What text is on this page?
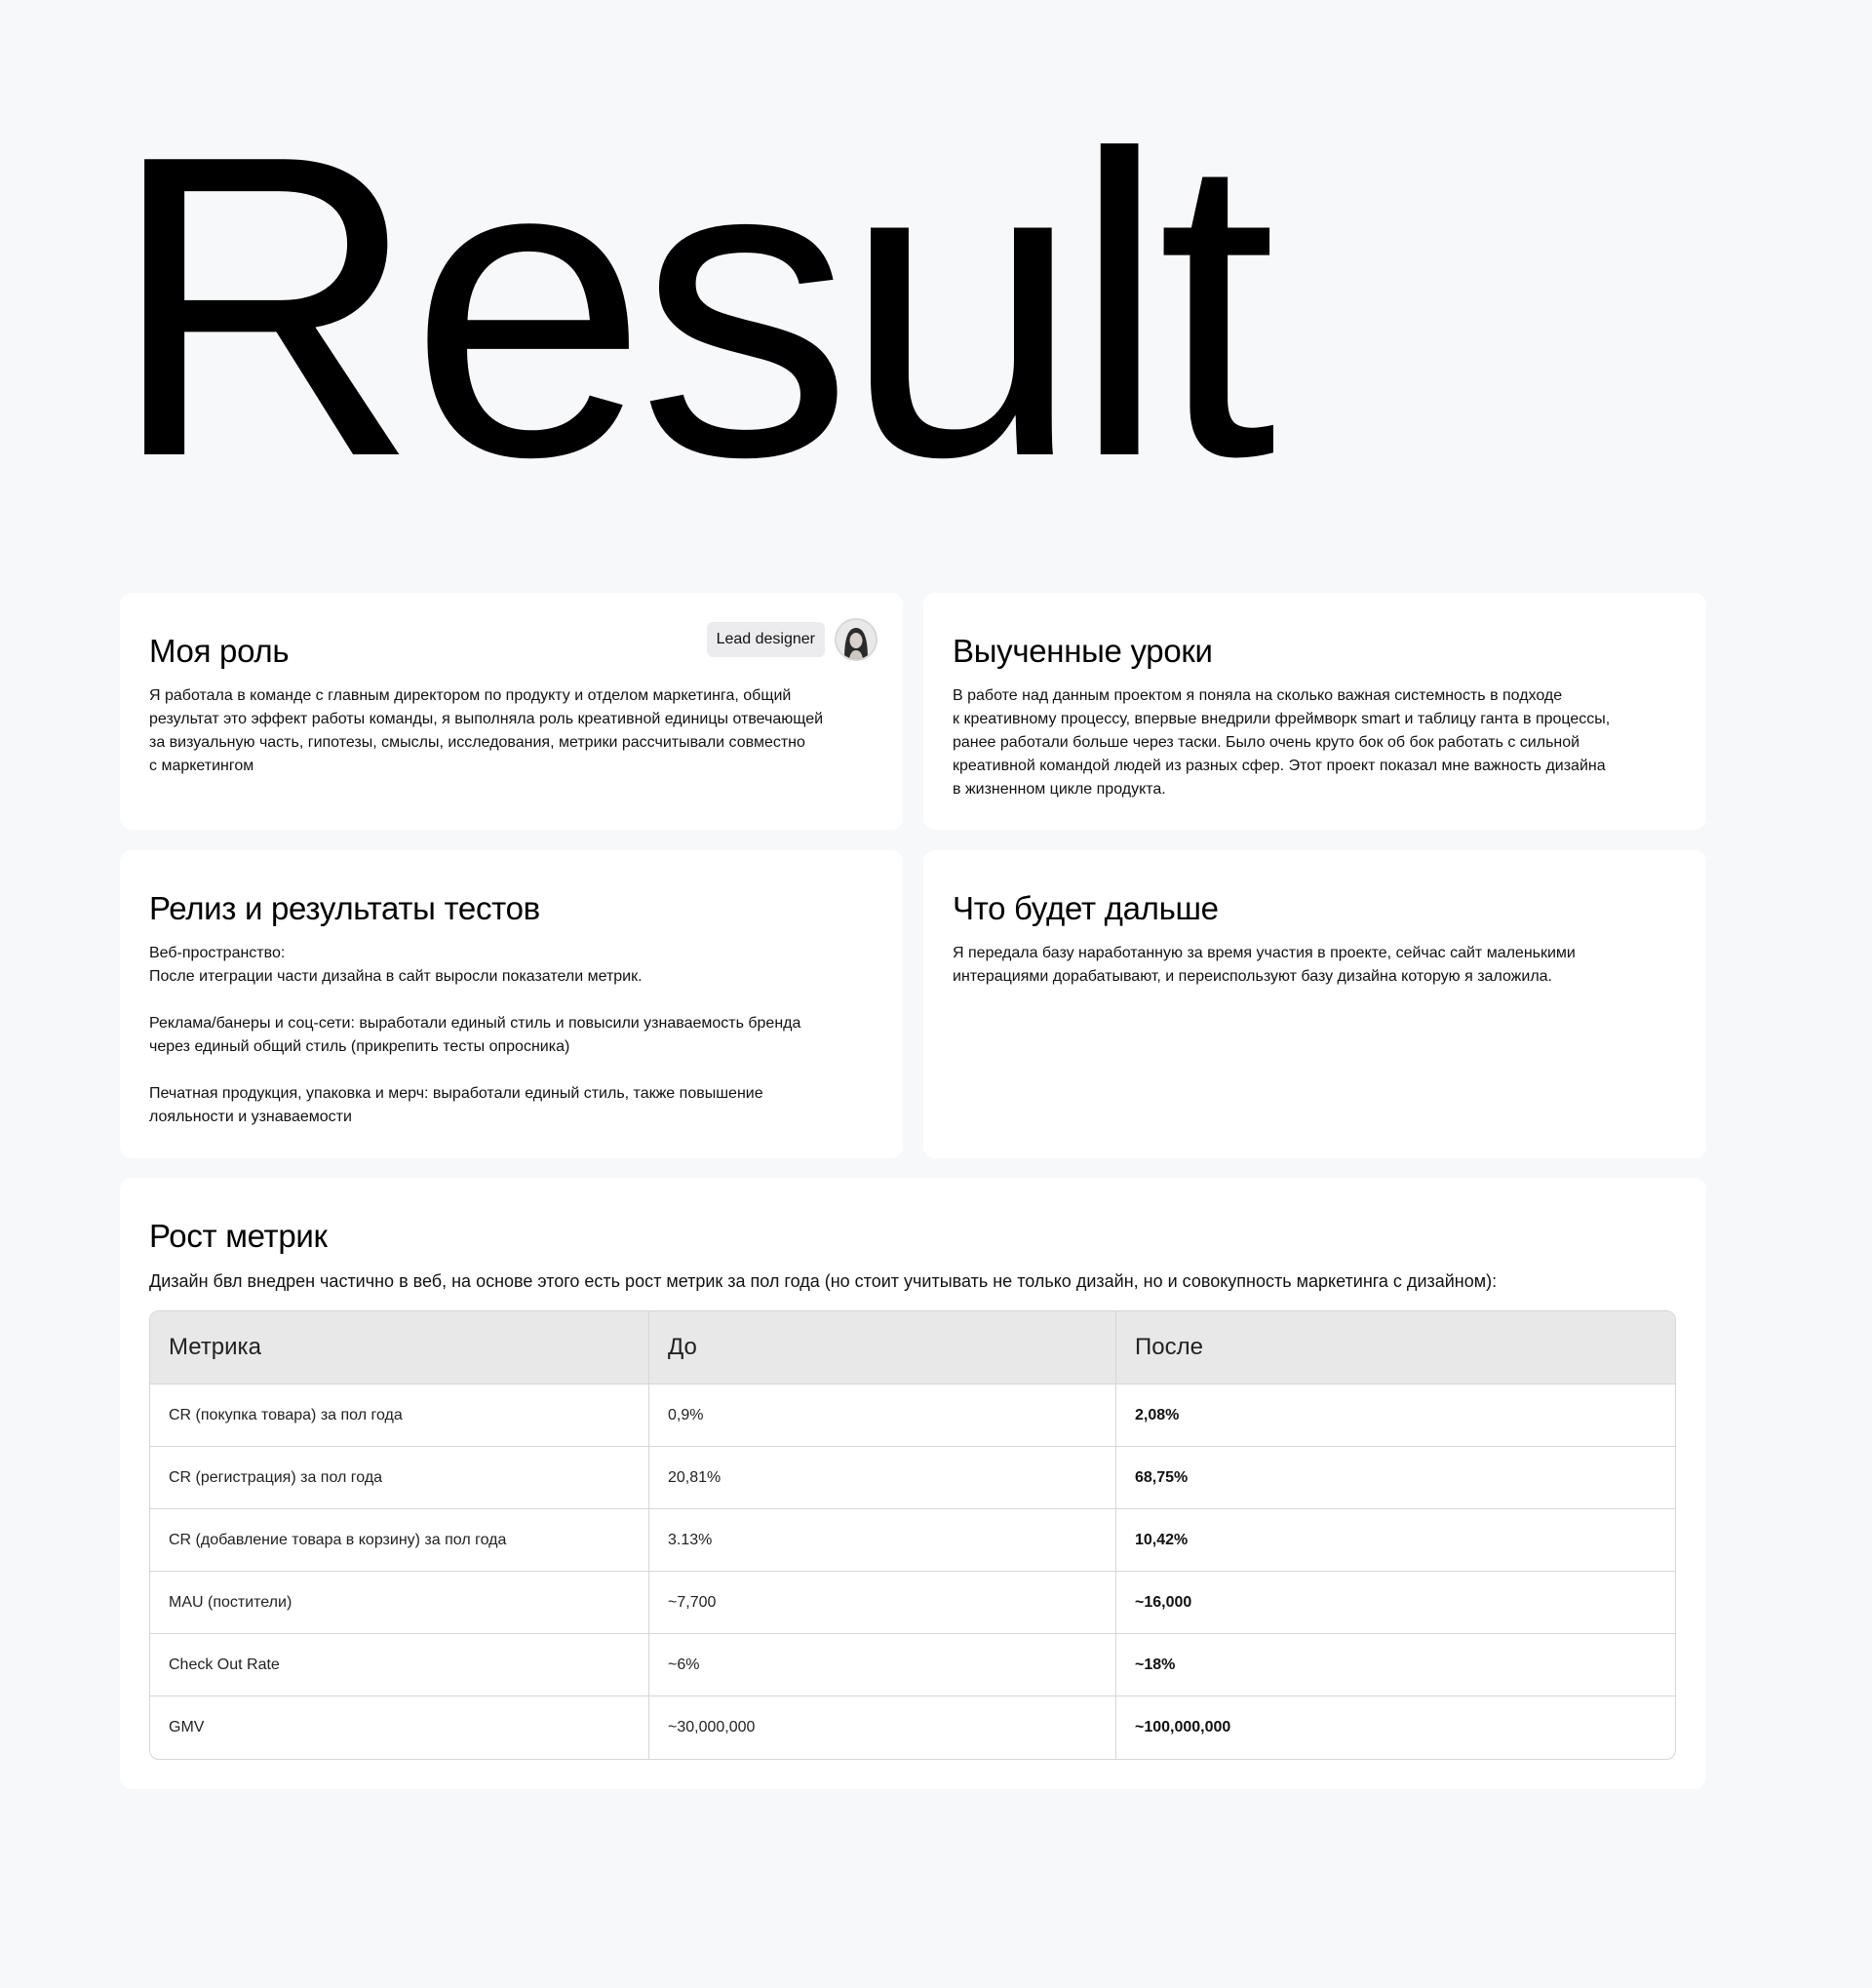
Result
Моя роль	Lead designer

Я работала в команде с главным директором по продукту и отделом маркетинга, общий
результат это эффект работы команды, я выполняла роль креативной единицы отвечающей
за визуальную часть, гипотезы, смыслы, исследования, метрики рассчитывали совместно
с маркетингом

Выученные уроки

В работе над данным проектом я поняла на сколько важная системность в подходе
к креативному процессу, впервые внедрили фреймворк smart и таблицу ганта в процессы,
ранее работали больше через таски. Было очень круто бок об бок работать с сильной
креативной командой людей из разных сфер. Этот проект показал мне важность дизайна
в жизненном цикле продукта.

Релиз и результаты тестов

Веб-пространство:
После итеграции части дизайна в сайт выросли показатели метрик.

Реклама/банеры и соц-сети: выработали единый стиль и повысили узнаваемость бренда
через единый общий стиль (прикрепить тесты опросника)

Печатная продукция, упаковка и мерч: выработали единый стиль, также повышение
лояльности и узнаваемости

Что будет дальше

Я передала базу наработанную за время участия в проекте, сейчас сайт маленькими
интерациями дорабатывают, и переиспользуют базу дизайна которую я заложила.

Рост метрик
Дизайн бвл внедрен частично в веб, на основе этого есть рост метрик за пол года (но стоит учитывать не только дизайн, но и совокупность маркетинга с дизайном):
Метрика	До	После
CR (покупка товара) за пол года	0,9%	2,08%
CR (регистрация) за пол года	20,81%	68,75%
CR (добавление товара в корзину) за пол года	3.13%	10,42%
MAU (постители)	~7,700	~16,000
Check Out Rate	~6%	~18%
GMV	~30,000,000	~100,000,000
